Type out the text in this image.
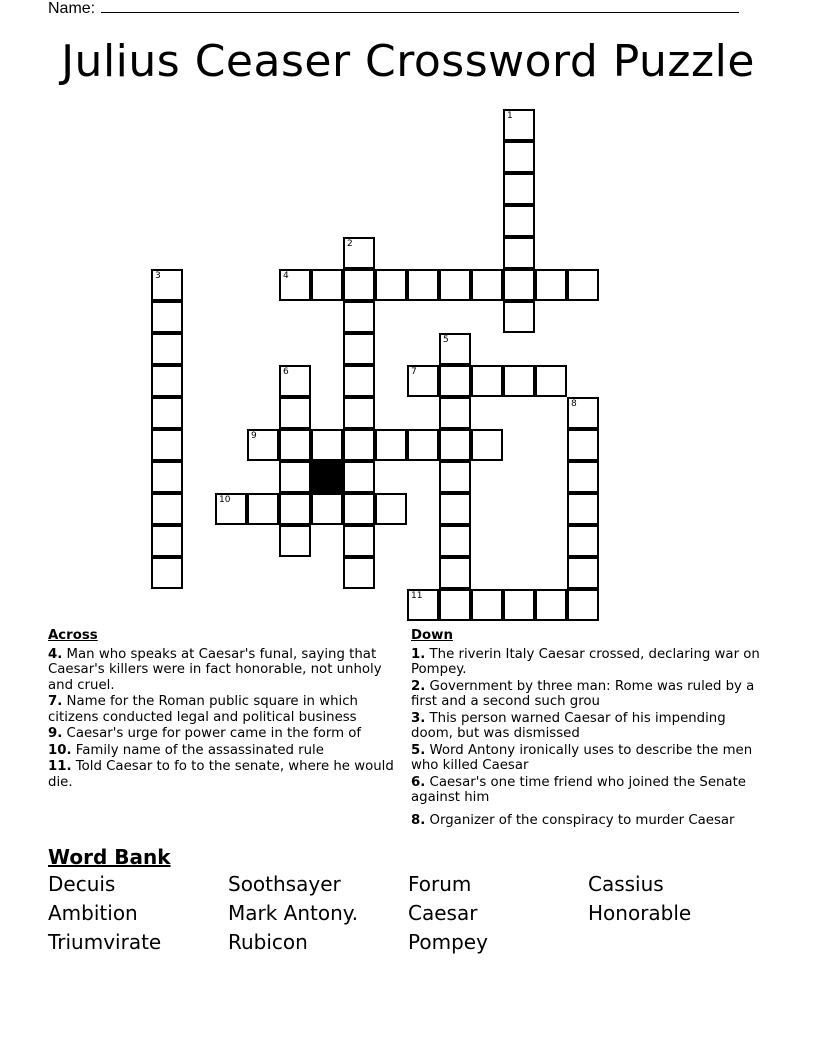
Name:
Julius Ceaser Crossword Puzzle
1
2
3	4
5
6	7
8
9
10
11
Across
4. Man who speaks at Caesar's funal, saying that Caesar's killers were in fact honorable, not unholy and cruel.
7. Name for the Roman public square in which citizens conducted legal and political business
9. Caesar's urge for power came in the form of
10. Family name of the assassinated rule
11. Told Caesar to fo to the senate, where he would die.
Down
1. The riverin Italy Caesar crossed, declaring war on Pompey.
2. Government by three man: Rome was ruled by a first and a second such grou
3. This person warned Caesar of his impending doom, but was dismissed
5. Word Antony ironically uses to describe the men who killed Caesar
6. Caesar's one time friend who joined the Senate against him
8. Organizer of the conspiracy to murder Caesar
Word Bank
Decuis	Soothsayer	Forum	Cassius
Ambition	Mark Antony.	Caesar	Honorable
Triumvirate	Rubicon	Pompey
